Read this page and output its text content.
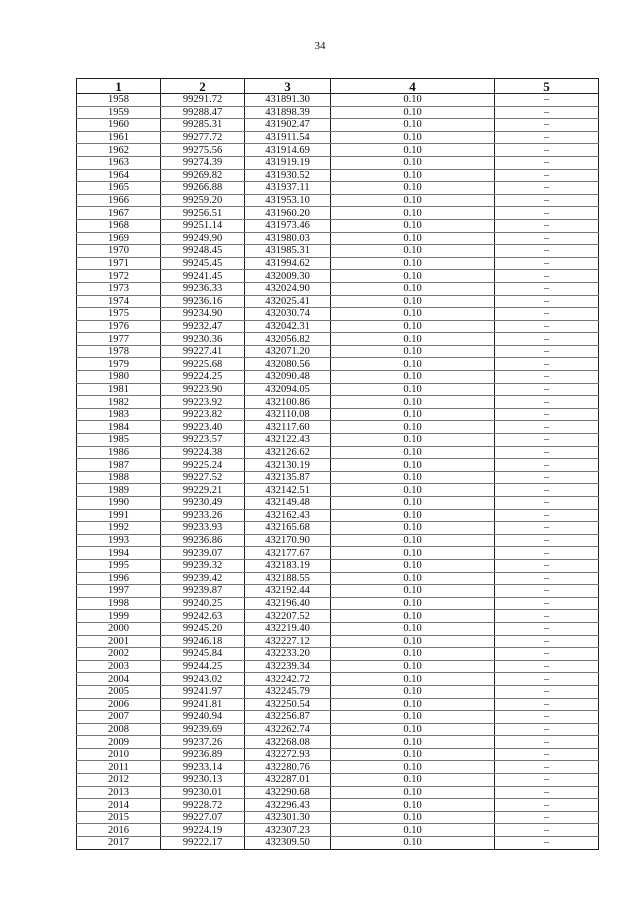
34
1	2	3	4	5
1958	99291.72	431891.30	0.10	–
1959	99288.47	431898.39	0.10	–
1960	99285.31	431902.47	0.10	–
1961	99277.72	431911.54	0.10	–
1962	99275.56	431914.69	0.10	–
1963	99274.39	431919.19	0.10	–
1964	99269.82	431930.52	0.10	–
1965	99266.88	431937.11	0.10	–
1966	99259.20	431953.10	0.10	–
1967	99256.51	431960.20	0.10	–
1968	99251.14	431973.46	0.10	–
1969	99249.90	431980.03	0.10	–
1970	99248.45	431985.31	0.10	–
1971	99245.45	431994.62	0.10	–
1972	99241.45	432009.30	0.10	–
1973	99236.33	432024.90	0.10	–
1974	99236.16	432025.41	0.10	–
1975	99234.90	432030.74	0.10	–
1976	99232.47	432042.31	0.10	–
1977	99230.36	432056.82	0.10	–
1978	99227.41	432071.20	0.10	–
1979	99225.68	432080.56	0.10	–
1980	99224.25	432090.48	0.10	–
1981	99223.90	432094.05	0.10	–
1982	99223.92	432100.86	0.10	–
1983	99223.82	432110.08	0.10	–
1984	99223.40	432117.60	0.10	–
1985	99223.57	432122.43	0.10	–
1986	99224.38	432126.62	0.10	–
1987	99225.24	432130.19	0.10	–
1988	99227.52	432135.87	0.10	–
1989	99229.21	432142.51	0.10	–
1990	99230.49	432149.48	0.10	–
1991	99233.26	432162.43	0.10	–
1992	99233.93	432165.68	0.10	–
1993	99236.86	432170.90	0.10	–
1994	99239.07	432177.67	0.10	–
1995	99239.32	432183.19	0.10	–
1996	99239.42	432188.55	0.10	–
1997	99239.87	432192.44	0.10	–
1998	99240.25	432196.40	0.10	–
1999	99242.63	432207.52	0.10	–
2000	99245.20	432219.40	0.10	–
2001	99246.18	432227.12	0.10	–
2002	99245.84	432233.20	0.10	–
2003	99244.25	432239.34	0.10	–
2004	99243.02	432242.72	0.10	–
2005	99241.97	432245.79	0.10	–
2006	99241.81	432250.54	0.10	–
2007	99240.94	432256.87	0.10	–
2008	99239.69	432262.74	0.10	–
2009	99237.26	432268.08	0.10	–
2010	99236.89	432272.93	0.10	–
2011	99233.14	432280.76	0.10	–
2012	99230.13	432287.01	0.10	–
2013	99230.01	432290.68	0.10	–
2014	99228.72	432296.43	0.10	–
2015	99227.07	432301.30	0.10	–
2016	99224.19	432307.23	0.10	–
2017	99222.17	432309.50	0.10	–
